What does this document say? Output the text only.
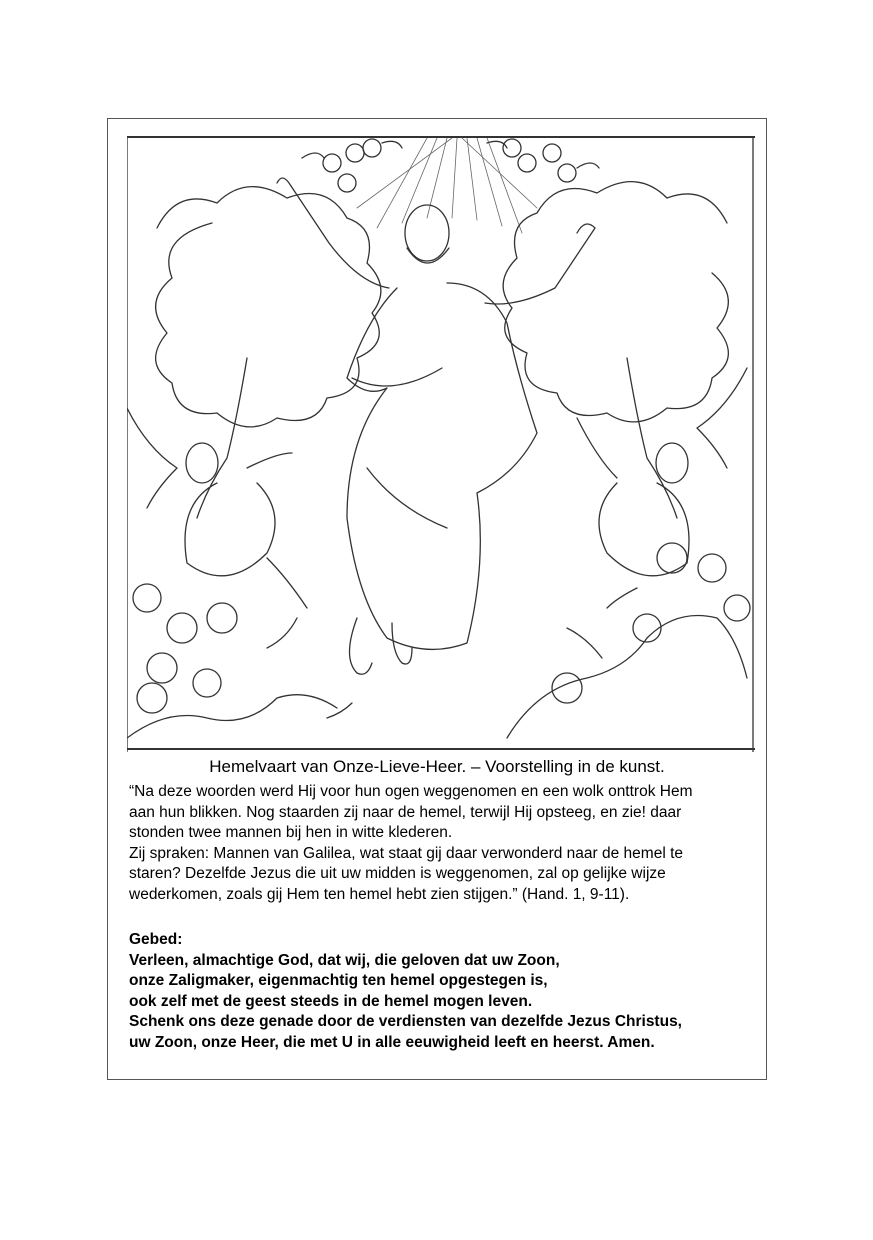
Hemelvaart van Onze-Lieve-Heer. – Voorstelling in de kunst.

“Na deze woorden werd Hij voor hun ogen weggenomen en een wolk onttrok Hem

aan hun blikken. Nog staarden zij naar de hemel, terwijl Hij opsteeg, en zie! daar

stonden twee mannen bij hen in witte klederen.

Zij spraken: Mannen van Galilea, wat staat gij daar verwonderd naar de hemel te

staren? Dezelfde Jezus die uit uw midden is weggenomen, zal op gelijke wijze

wederkomen, zoals gij Hem ten hemel hebt zien stijgen.” (Hand. 1, 9-11).

Gebed:

Verleen, almachtige God, dat wij, die geloven dat uw Zoon,

onze Zaligmaker, eigenmachtig ten hemel opgestegen is,

ook zelf met de geest steeds in de hemel mogen leven.

Schenk ons deze genade door de verdiensten van dezelfde Jezus Christus,

uw Zoon, onze Heer, die met U in alle eeuwigheid leeft en heerst. Amen.
